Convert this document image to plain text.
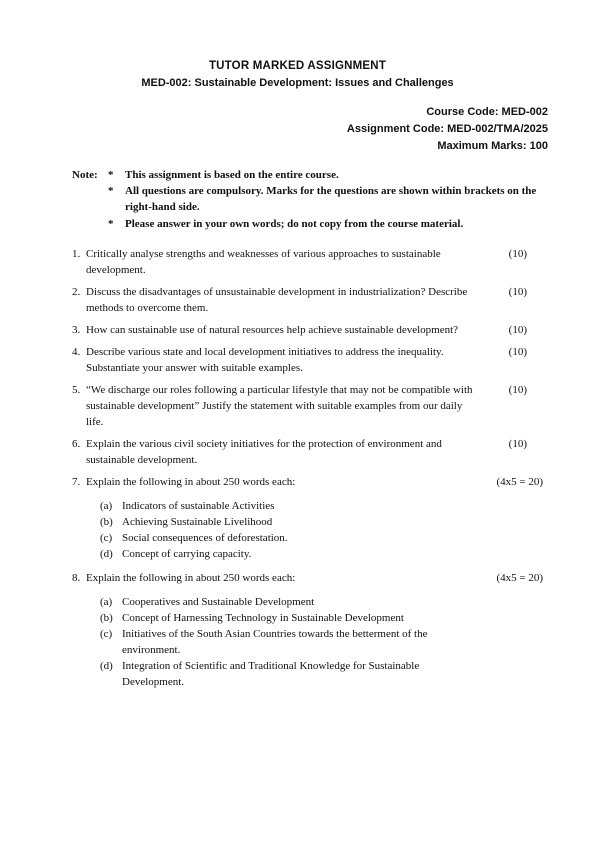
TUTOR MARKED ASSIGNMENT
MED-002: Sustainable Development: Issues and Challenges
Course Code: MED-002
Assignment Code: MED-002/TMA/2025
Maximum Marks: 100
Note: * This assignment is based on the entire course.
* All questions are compulsory. Marks for the questions are shown within brackets on the right-hand side.
* Please answer in your own words; do not copy from the course material.
1. Critically analyse strengths and weaknesses of various approaches to sustainable development.
(10)
2. Discuss the disadvantages of unsustainable development in industrialization? Describe methods to overcome them.
(10)
3. How can sustainable use of natural resources help achieve sustainable development?	(10)
4. Describe various state and local development initiatives to address the inequality. Substantiate your answer with suitable examples.
(10)
5. “We discharge our roles following a particular lifestyle that may not be compatible with sustainable development” Justify the statement with suitable examples from our daily life.
(10)
6. Explain the various civil society initiatives for the protection of environment and sustainable development.
(10)
7. Explain the following in about 250 words each:	(4x5 = 20)
(a) Indicators of sustainable Activities
(b) Achieving Sustainable Livelihood
(c) Social consequences of deforestation.
(d) Concept of carrying capacity.
8. Explain the following in about 250 words each:	(4x5 = 20)
(a) Cooperatives and Sustainable Development
(b) Concept of Harnessing Technology in Sustainable Development
(c) Initiatives of the South Asian Countries towards the betterment of the environment.
(d) Integration of Scientific and Traditional Knowledge for Sustainable Development.
